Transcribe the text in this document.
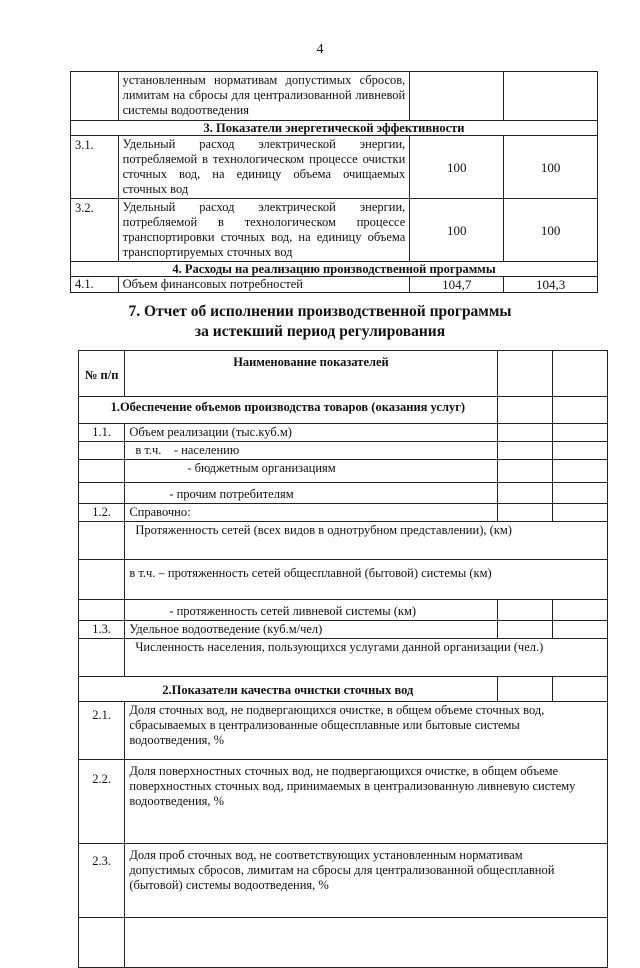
4
	установленным нормативам допустимых сбросов, лимитам на сбросы для централизованной ливневой системы водоотведения		
3. Показатели энергетической эффективности			
3.1.	Удельный расход электрической энергии, потребляемой в технологическом процессе очистки сточных вод, на единицу объема очищаемых сточных вод	100	100
3.2.	Удельный расход электрической энергии, потребляемой в технологическом процессе транспортировки сточных вод, на единицу объема транспортируемых сточных вод	100	100
4. Расходы на реализацию производственной программы			
4.1.	Объем финансовых потребностей	104,7	104,3
7. Отчет об исполнении производственной программы
за истекший период регулирования
№ п/п	Наименование показателей		
1.Обеспечение объемов производства товаров (оказания услуг)			
1.1.	Объем реализации (тыс.куб.м)		
	в т.ч.    - населению		
	- бюджетным организациям		
	- прочим потребителям		
1.2.	Справочно:		
	Протяженность сетей (всех видов в однотрубном представлении), (км)		
	в т.ч. – протяженность сетей общесплавной (бытовой) системы (км)		
	- протяженность сетей ливневой системы (км)		
1.3.	Удельное водоотведение (куб.м/чел)		
	Численность населения, пользующихся услугами данной организации (чел.)		
2.Показатели качества очистки сточных вод			
2.1.	Доля сточных вод, не подвергающихся очистке, в общем объеме сточных вод, сбрасываемых в централизованные общесплавные или бытовые системы водоотведения, %		
2.2.	Доля поверхностных сточных вод, не подвергающихся очистке, в общем объеме поверхностных сточных вод, принимаемых в централизованную ливневую систему водоотведения, %		
2.3.	Доля проб сточных вод, не соответствующих установленным нормативам допустимых сбросов, лимитам на сбросы для централизованной общесплавной (бытовой) системы водоотведения, %		
